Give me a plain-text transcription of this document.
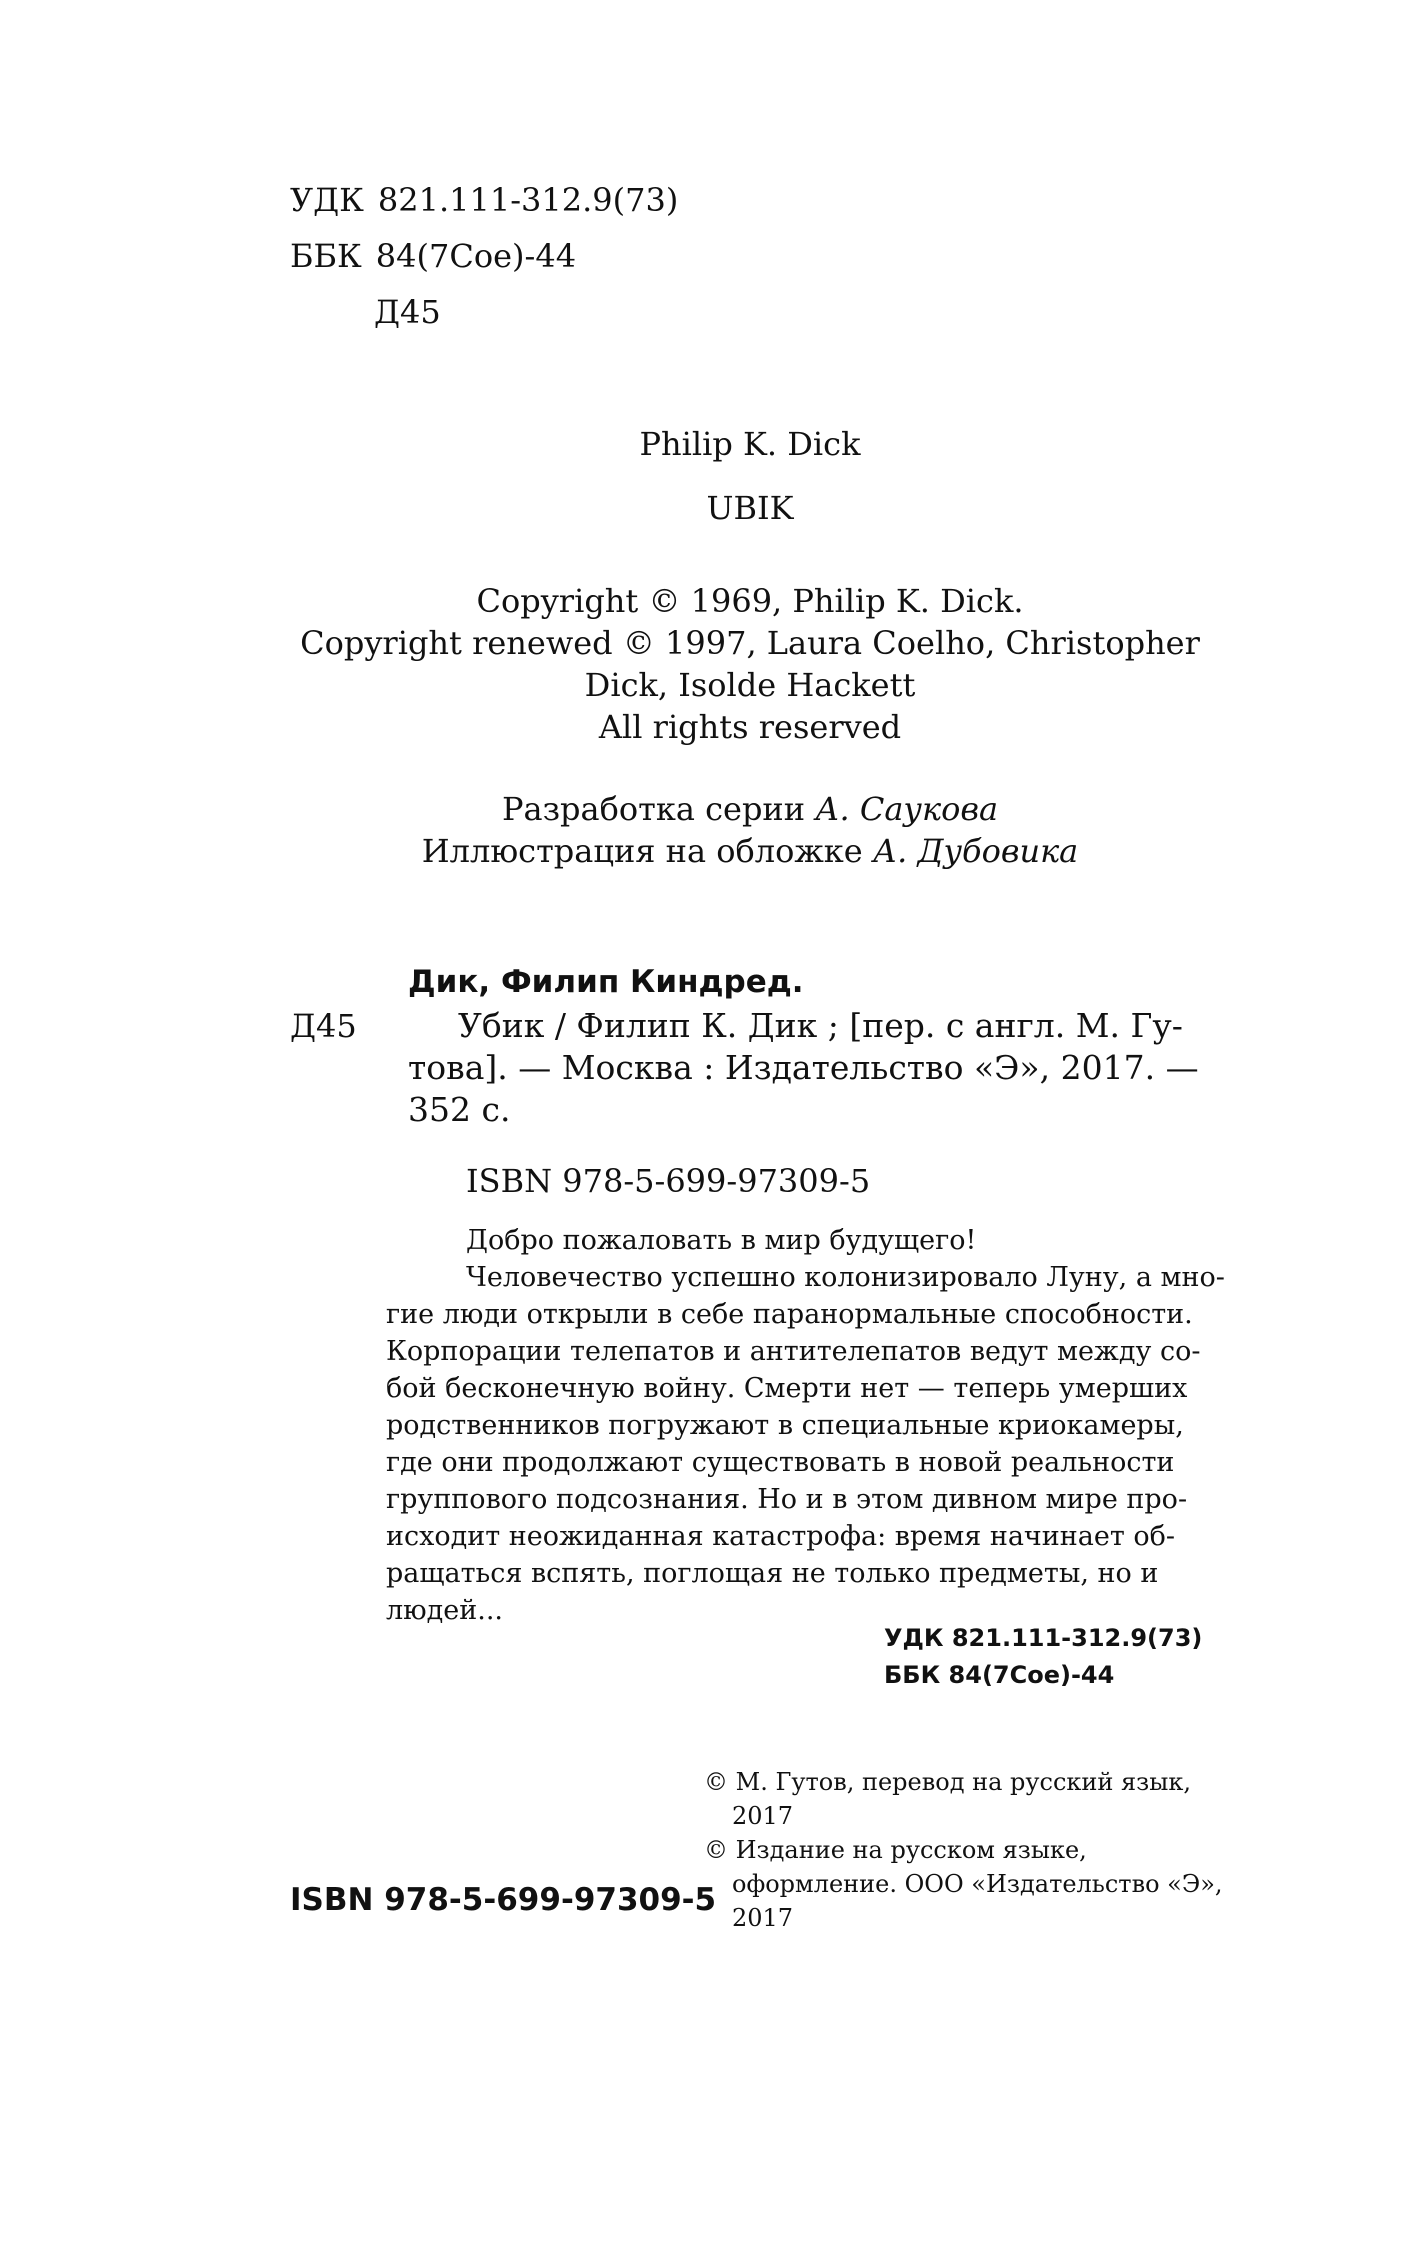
УДК 821.111-312.9(73)
ББК 84(7Сое)-44
Д45
Philip K. Dick
UBIK
Copyright © 1969, Philip K. Dick.
Copyright renewed © 1997, Laura Coelho, Christopher
Dick, Isolde Hackett
All rights reserved
Разработка серии А. Саукова
Иллюстрация на обложке А. Дубовика
Дик, Филип Киндред.
Д45	Убик / Филип К. Дик ; [пер. с англ. М. Гу-
това]. — Москва : Издательство «Э», 2017. —
352 с.
ISBN 978-5-699-97309-5
Добро пожаловать в мир будущего!
Человечество успешно колонизировало Луну, а мно-
гие люди открыли в себе паранормальные способности.
Корпорации телепатов и антителепатов ведут между со-
бой бесконечную войну. Смерти нет — теперь умерших
родственников погружают в специальные криокамеры,
где они продолжают существовать в новой реальности
группового подсознания. Но и в этом дивном мире про-
исходит неожиданная катастрофа: время начинает об-
ращаться вспять, поглощая не только предметы, но и
людей...
УДК 821.111-312.9(73)
ББК 84(7Сое)-44
© М. Гутов, перевод на русский язык,
2017
© Издание на русском языке,
оформление. ООО «Издательство «Э»,
2017
ISBN 978-5-699-97309-5
